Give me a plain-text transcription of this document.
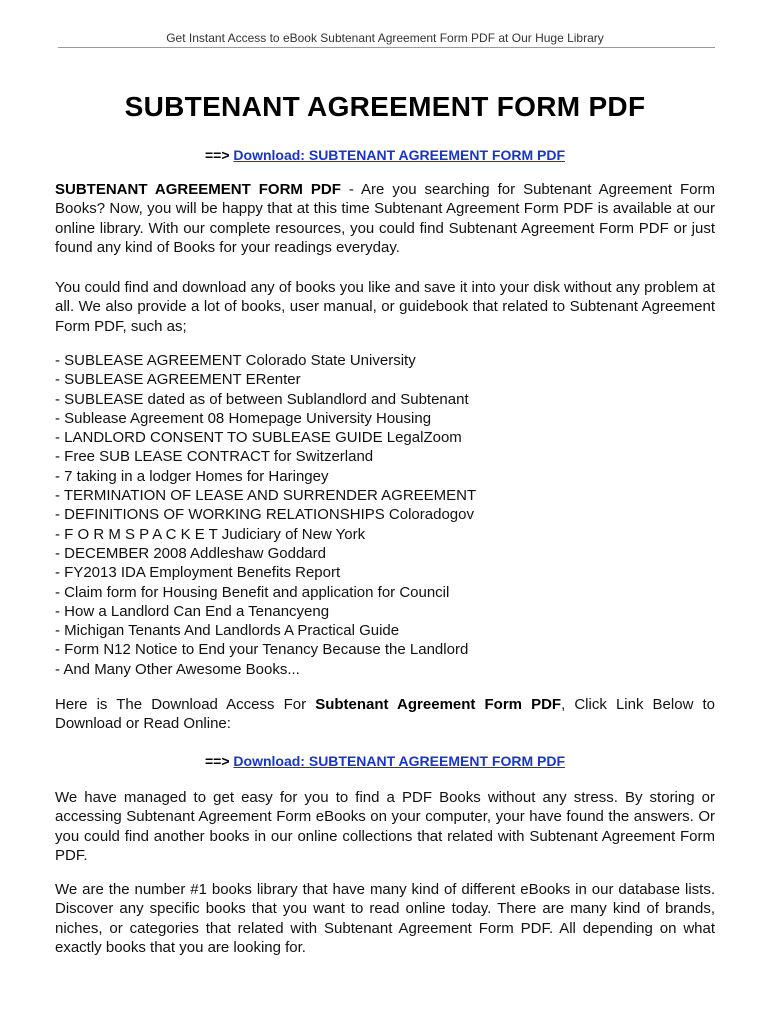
Get Instant Access to eBook Subtenant Agreement Form PDF at Our Huge Library
SUBTENANT AGREEMENT FORM PDF
==> Download: SUBTENANT AGREEMENT FORM PDF
SUBTENANT AGREEMENT FORM PDF - Are you searching for Subtenant Agreement Form Books? Now, you will be happy that at this time Subtenant Agreement Form PDF is available at our online library. With our complete resources, you could find Subtenant Agreement Form PDF or just found any kind of Books for your readings everyday.
You could find and download any of books you like and save it into your disk without any problem at all. We also provide a lot of books, user manual, or guidebook that related to Subtenant Agreement Form PDF, such as;
- SUBLEASE AGREEMENT Colorado State University
- SUBLEASE AGREEMENT ERenter
- SUBLEASE dated as of between Sublandlord and Subtenant
- Sublease Agreement 08 Homepage University Housing
- LANDLORD CONSENT TO SUBLEASE GUIDE LegalZoom
- Free SUB LEASE CONTRACT for Switzerland
- 7 taking in a lodger Homes for Haringey
- TERMINATION OF LEASE AND SURRENDER AGREEMENT
- DEFINITIONS OF WORKING RELATIONSHIPS Coloradogov
- F O R M S P A C K E T Judiciary of New York
- DECEMBER 2008 Addleshaw Goddard
- FY2013 IDA Employment Benefits Report
- Claim form for Housing Benefit and application for Council
- How a Landlord Can End a Tenancyeng
- Michigan Tenants And Landlords A Practical Guide
- Form N12 Notice to End your Tenancy Because the Landlord
- And Many Other Awesome Books...
Here is The Download Access For Subtenant Agreement Form PDF, Click Link Below to Download or Read Online:
==> Download: SUBTENANT AGREEMENT FORM PDF
We have managed to get easy for you to find a PDF Books without any stress. By storing or accessing Subtenant Agreement Form eBooks on your computer, your have found the answers. Or you could find another books in our online collections that related with Subtenant Agreement Form PDF.
We are the number #1 books library that have many kind of different eBooks in our database lists. Discover any specific books that you want to read online today. There are many kind of brands, niches, or categories that related with Subtenant Agreement Form PDF. All depending on what exactly books that you are looking for.
